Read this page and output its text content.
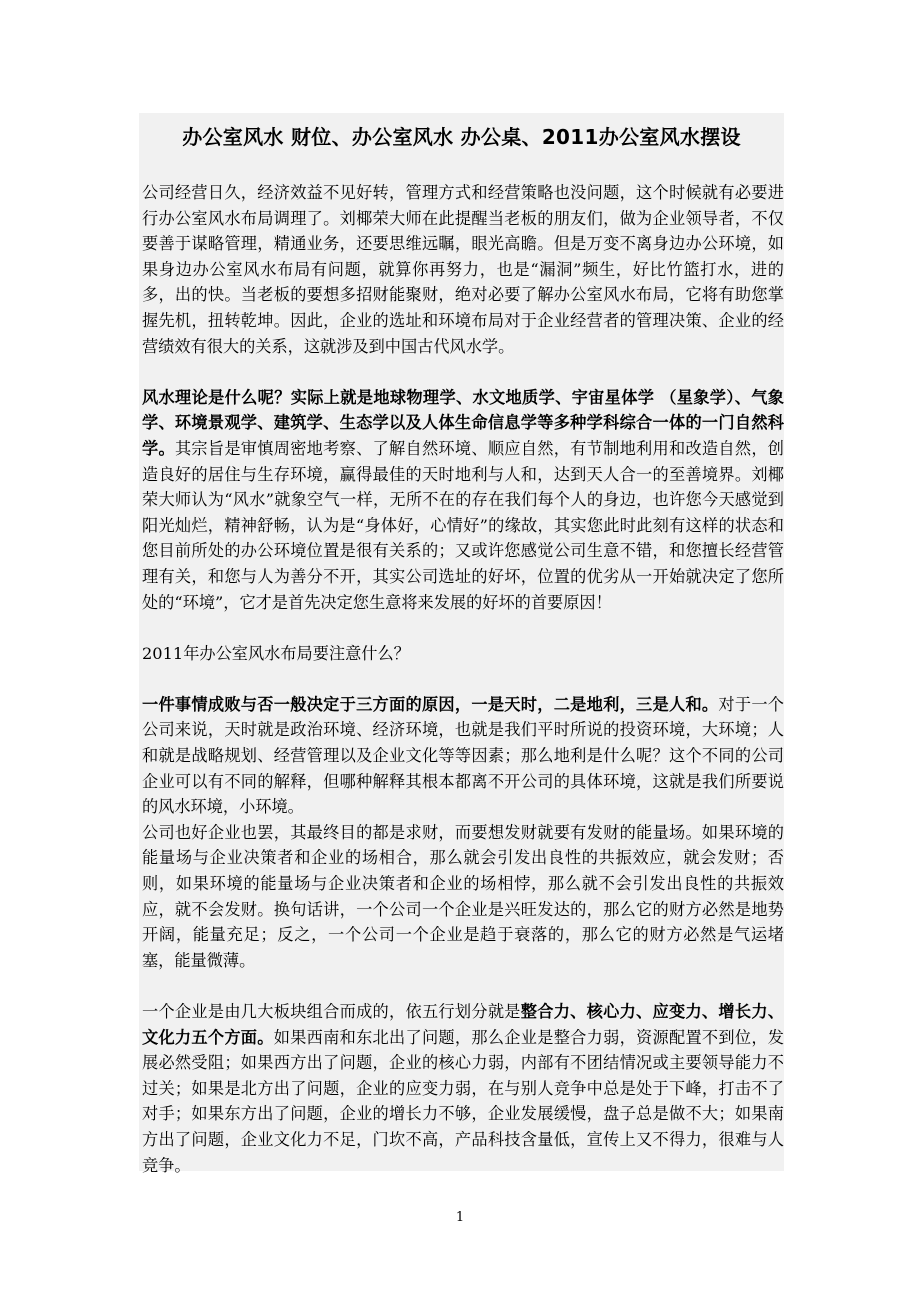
办公室风水 财位、办公室风水 办公桌、2011办公室风水摆设

公司经营日久，经济效益不见好转，管理方式和经营策略也没问题，这个时候就有必要进行办公室风水布局调理了。刘椰荣大师在此提醒当老板的朋友们，做为企业领导者，不仅要善于谋略管理，精通业务，还要思维远瞩，眼光高瞻。但是万变不离身边办公环境，如果身边办公室风水布局有问题，就算你再努力，也是“漏洞”频生，好比竹篮打水，进的多，出的快。当老板的要想多招财能聚财，绝对必要了解办公室风水布局，它将有助您掌握先机，扭转乾坤。因此，企业的选址和环境布局对于企业经营者的管理决策、企业的经营绩效有很大的关系，这就涉及到中国古代风水学。

风水理论是什么呢？实际上就是地球物理学、水文地质学、宇宙星体学 （星象学）、气象学、环境景观学、建筑学、生态学以及人体生命信息学等多种学科综合一体的一门自然科学。其宗旨是审慎周密地考察、了解自然环境、顺应自然，有节制地利用和改造自然，创造良好的居住与生存环境，赢得最佳的天时地利与人和，达到天人合一的至善境界。刘椰荣大师认为“风水”就象空气一样，无所不在的存在我们每个人的身边，也许您今天感觉到阳光灿烂，精神舒畅，认为是“身体好，心情好”的缘故，其实您此时此刻有这样的状态和您目前所处的办公环境位置是很有关系的；又或许您感觉公司生意不错，和您擅长经营管理有关，和您与人为善分不开，其实公司选址的好坏，位置的优劣从一开始就决定了您所处的“环境”，它才是首先决定您生意将来发展的好坏的首要原因！

2011年办公室风水布局要注意什么？

一件事情成败与否一般决定于三方面的原因，一是天时，二是地利，三是人和。对于一个公司来说，天时就是政治环境、经济环境，也就是我们平时所说的投资环境，大环境；人和就是战略规划、经营管理以及企业文化等等因素；那么地利是什么呢？这个不同的公司企业可以有不同的解释，但哪种解释其根本都离不开公司的具体环境，这就是我们所要说的风水环境，小环境。

公司也好企业也罢，其最终目的都是求财，而要想发财就要有发财的能量场。如果环境的能量场与企业决策者和企业的场相合，那么就会引发出良性的共振效应，就会发财；否则，如果环境的能量场与企业决策者和企业的场相悖，那么就不会引发出良性的共振效应，就不会发财。换句话讲，一个公司一个企业是兴旺发达的，那么它的财方必然是地势开阔，能量充足；反之，一个公司一个企业是趋于衰落的，那么它的财方必然是气运堵塞，能量微薄。

一个企业是由几大板块组合而成的，依五行划分就是整合力、核心力、应变力、增长力、文化力五个方面。如果西南和东北出了问题，那么企业是整合力弱，资源配置不到位，发展必然受阻；如果西方出了问题，企业的核心力弱，内部有不团结情况或主要领导能力不过关；如果是北方出了问题，企业的应变力弱，在与别人竞争中总是处于下峰，打击不了对手；如果东方出了问题，企业的增长力不够，企业发展缓慢，盘子总是做不大；如果南方出了问题，企业文化力不足，门坎不高，产品科技含量低，宣传上又不得力，很难与人竞争。

1
